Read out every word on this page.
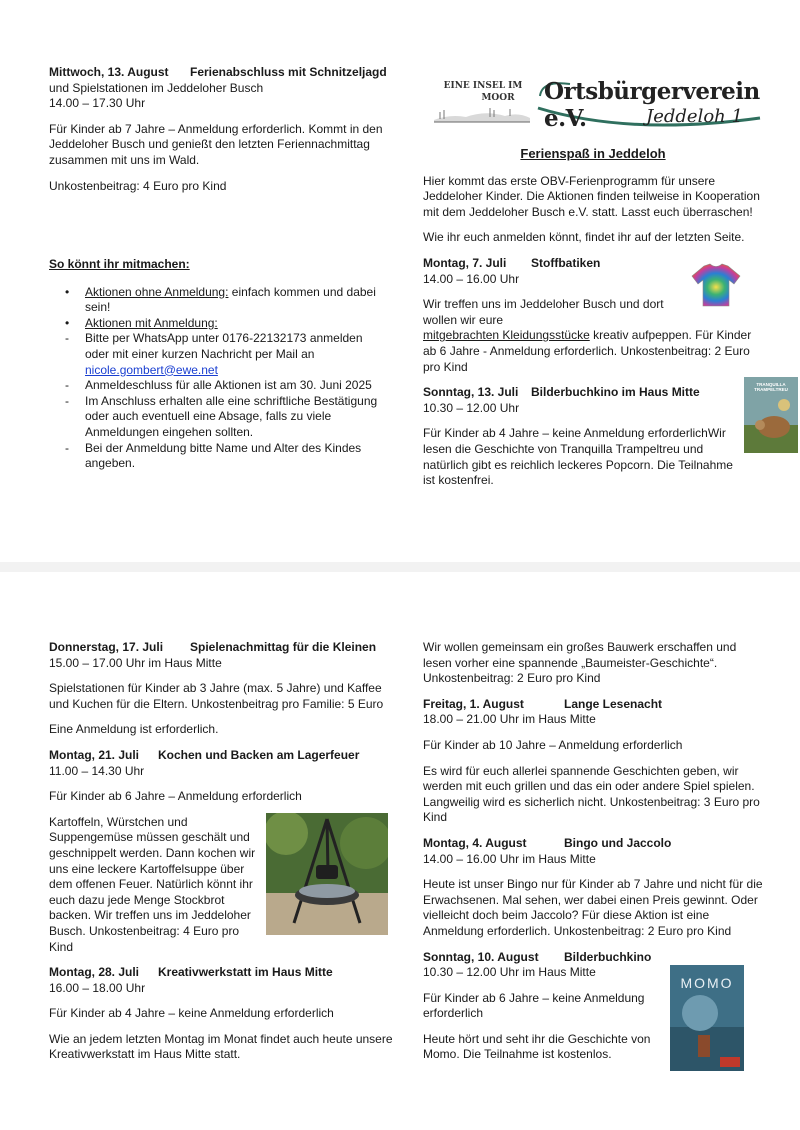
Mittwoch, 13. August Ferienabschluss mit Schnitzeljagd
und Spielstationen im Jeddeloher Busch
14.00 – 17.30 Uhr

Für Kinder ab 7 Jahre – Anmeldung erforderlich. Kommt in den Jeddeloher Busch und genießt den letzten Feriennachmittag zusammen mit uns im Wald.

Unkostenbeitrag: 4 Euro pro Kind

So könnt ihr mitmachen:

• Aktionen ohne Anmeldung: einfach kommen und dabei sein!
• Aktionen mit Anmeldung:
- Bitte per WhatsApp unter 0176-22132173 anmelden oder mit einer kurzen Nachricht per Mail an
nicole.gombert@ewe.net
- Anmeldeschluss für alle Aktionen ist am 30. Juni 2025
- Im Anschluss erhalten alle eine schriftliche Bestätigung oder auch eventuell eine Absage, falls zu viele Anmeldungen eingehen sollten.
- Bei der Anmeldung bitte Name und Alter des Kindes angeben.
EINE INSEL IM
MOOR	Ortsbürgerverein e.V.	Jeddeloh 1

Ferienspaß in Jeddeloh

Hier kommt das erste OBV-Ferienprogramm für unsere Jeddeloher Kinder. Die Aktionen finden teilweise in Kooperation mit dem Jeddeloher Busch e.V. statt. Lasst euch überraschen!

Wie ihr euch anmelden könnt, findet ihr auf der letzten Seite.

Montag, 7. Juli Stoffbatiken
14.00 – 16.00 Uhr

Wir treffen uns im Jeddeloher Busch und dort wollen wir euremitgebrachten Kleidungsstücke kreativ aufpeppen. Für Kinder ab 6 Jahre - Anmeldung erforderlich. Unkostenbeitrag: 2 Euro pro Kind

Sonntag, 13. Juli Bilderbuchkino im Haus Mitte
10.30 – 12.00 Uhr

Für Kinder ab 4 Jahre – keine Anmeldung erforderlichWir lesen die Geschichte von Tranquilla Trampeltreu und natürlich gibt es reichlich leckeres Popcorn. Die Teilnahme ist kostenfrei.

TRANQUILLA TRAMPELTREU
Donnerstag, 17. Juli Spielenachmittag für die Kleinen
15.00 – 17.00 Uhr im Haus Mitte

Spielstationen für Kinder ab 3 Jahre (max. 5 Jahre) und Kaffee und Kuchen für die Eltern. Unkostenbeitrag pro Familie: 5 Euro

Eine Anmeldung ist erforderlich.

Montag, 21. Juli Kochen und Backen am Lagerfeuer
11.00 – 14.30 Uhr

Für Kinder ab 6 Jahre – Anmeldung erforderlich

Kartoffeln, Würstchen und Suppengemüse müssen geschält und geschnippelt werden. Dann kochen wir uns eine leckere Kartoffelsuppe über dem offenen Feuer. Natürlich könnt ihr euch dazu jede Menge Stockbrot backen. Wir treffen uns im Jeddeloher Busch. Unkostenbeitrag: 4 Euro pro Kind

Montag, 28. Juli Kreativwerkstatt im Haus Mitte
16.00 – 18.00 Uhr

Für Kinder ab 4 Jahre – keine Anmeldung erforderlich

Wie an jedem letzten Montag im Monat findet auch heute unsere Kreativwerkstatt im Haus Mitte statt.

Wir wollen gemeinsam ein großes Bauwerk erschaffen und lesen vorher eine spannende „Baumeister-Geschichte“. Unkostenbeitrag: 2 Euro pro Kind

Freitag, 1. August	Lange Lesenacht
18.00 – 21.00 Uhr im Haus Mitte

Für Kinder ab 10 Jahre – Anmeldung erforderlich

Es wird für euch allerlei spannende Geschichten geben, wir werden mit euch grillen und das ein oder andere Spiel spielen. Langweilig wird es sicherlich nicht. Unkostenbeitrag: 3 Euro pro Kind

Montag, 4. August	Bingo und Jaccolo
14.00 – 16.00 Uhr im Haus Mitte

Heute ist unser Bingo nur für Kinder ab 7 Jahre und nicht für die Erwachsenen. Mal sehen, wer dabei einen Preis gewinnt. Oder vielleicht doch beim Jaccolo? Für diese Aktion ist eine Anmeldung erforderlich. Unkostenbeitrag: 2 Euro pro Kind

Sonntag, 10. August Bilderbuchkino
10.30 – 12.00 Uhr im Haus Mitte

Für Kinder ab 6 Jahre – keine Anmeldung erforderlich

Heute hört und seht ihr die Geschichte von Momo. Die Teilnahme ist kostenlos.

MOMO
